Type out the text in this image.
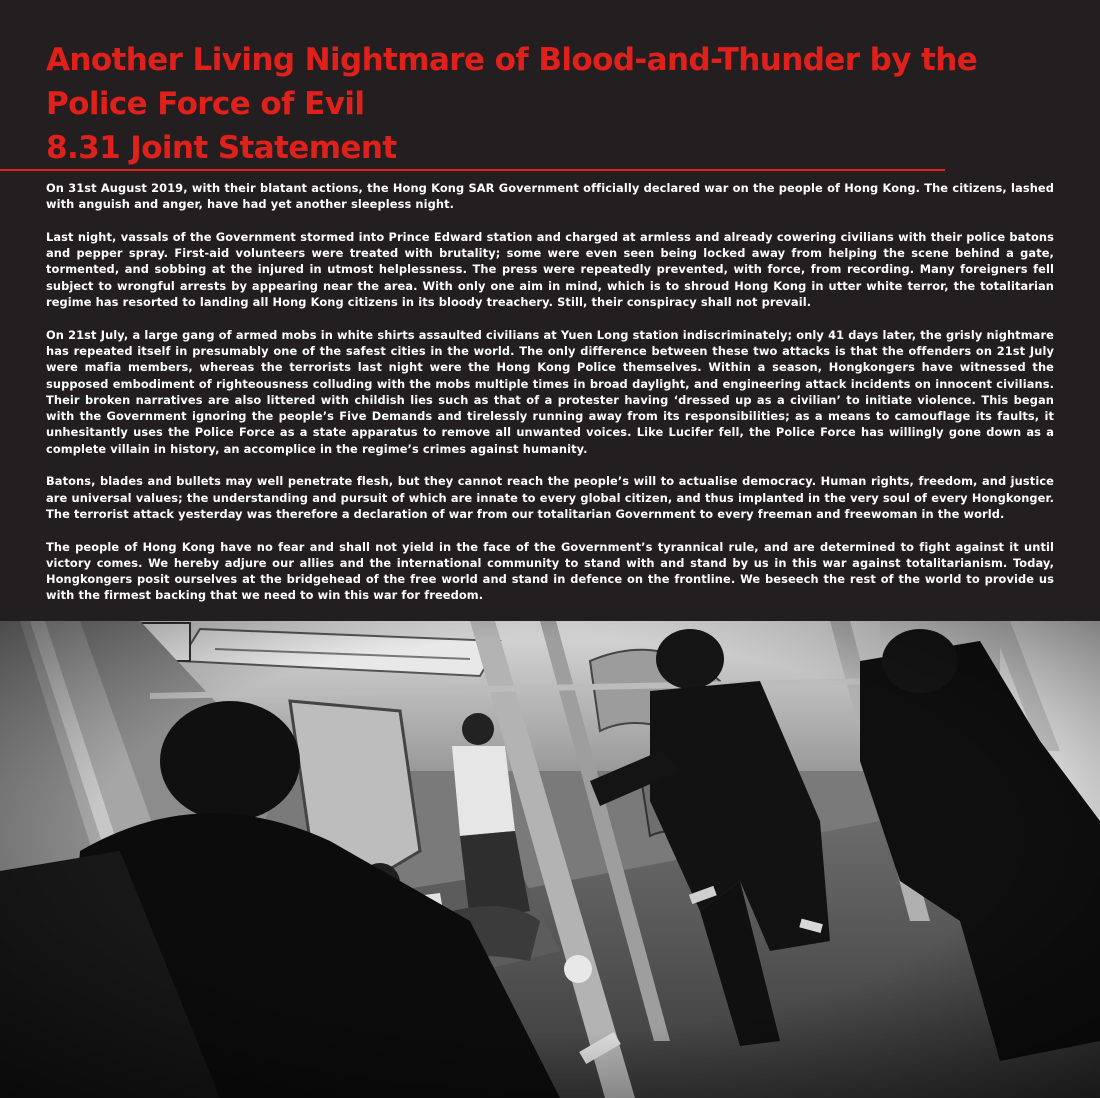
Another Living Nightmare of Blood-and-Thunder by the
Police Force of Evil
8.31 Joint Statement

On 31st August 2019, with their blatant actions, the Hong Kong SAR Government officially declared war on the people of Hong Kong. The citizens, lashed with anguish and anger, have had yet another sleepless night.

Last night, vassals of the Government stormed into Prince Edward station and charged at armless and already cowering civilians with their police batons and pepper spray. First-aid volunteers were treated with brutality; some were even seen being locked away from helping the scene behind a gate, tormented, and sobbing at the injured in utmost helplessness. The press were repeatedly prevented, with force, from recording. Many foreigners fell subject to wrongful arrests by appearing near the area. With only one aim in mind, which is to shroud Hong Kong in utter white terror, the totalitarian regime has resorted to landing all Hong Kong citizens in its bloody treachery. Still, their conspiracy shall not prevail.

On 21st July, a large gang of armed mobs in white shirts assaulted civilians at Yuen Long station indiscriminately; only 41 days later, the grisly nightmare has repeated itself in presumably one of the safest cities in the world. The only difference between these two attacks is that the offenders on 21st July were mafia members, whereas the terrorists last night were the Hong Kong Police themselves. Within a season, Hongkongers have witnessed the supposed embodiment of righteousness colluding with the mobs multiple times in broad daylight, and engineering attack incidents on innocent civilians. Their broken narratives are also littered with childish lies such as that of a protester having ‘dressed up as a civilian’ to initiate violence. This began with the Government ignoring the people’s Five Demands and tirelessly running away from its responsibilities; as a means to camouflage its faults, it unhesitantly uses the Police Force as a state apparatus to remove all unwanted voices. Like Lucifer fell, the Police Force has willingly gone down as a complete villain in history, an accomplice in the regime’s crimes against humanity.

Batons, blades and bullets may well penetrate flesh, but they cannot reach the people’s will to actualise democracy. Human rights, freedom, and justice are universal values; the understanding and pursuit of which are innate to every global citizen, and thus implanted in the very soul of every Hongkonger. The terrorist attack yesterday was therefore a declaration of war from our totalitarian Government to every freeman and freewoman in the world.

The people of Hong Kong have no fear and shall not yield in the face of the Government’s tyrannical rule, and are determined to fight against it until victory comes. We hereby adjure our allies and the international community to stand with and stand by us in this war against totalitarianism. Today, Hongkongers posit ourselves at the bridgehead of the free world and stand in defence on the frontline. We beseech the rest of the world to provide us with the firmest backing that we need to win this war for freedom.
